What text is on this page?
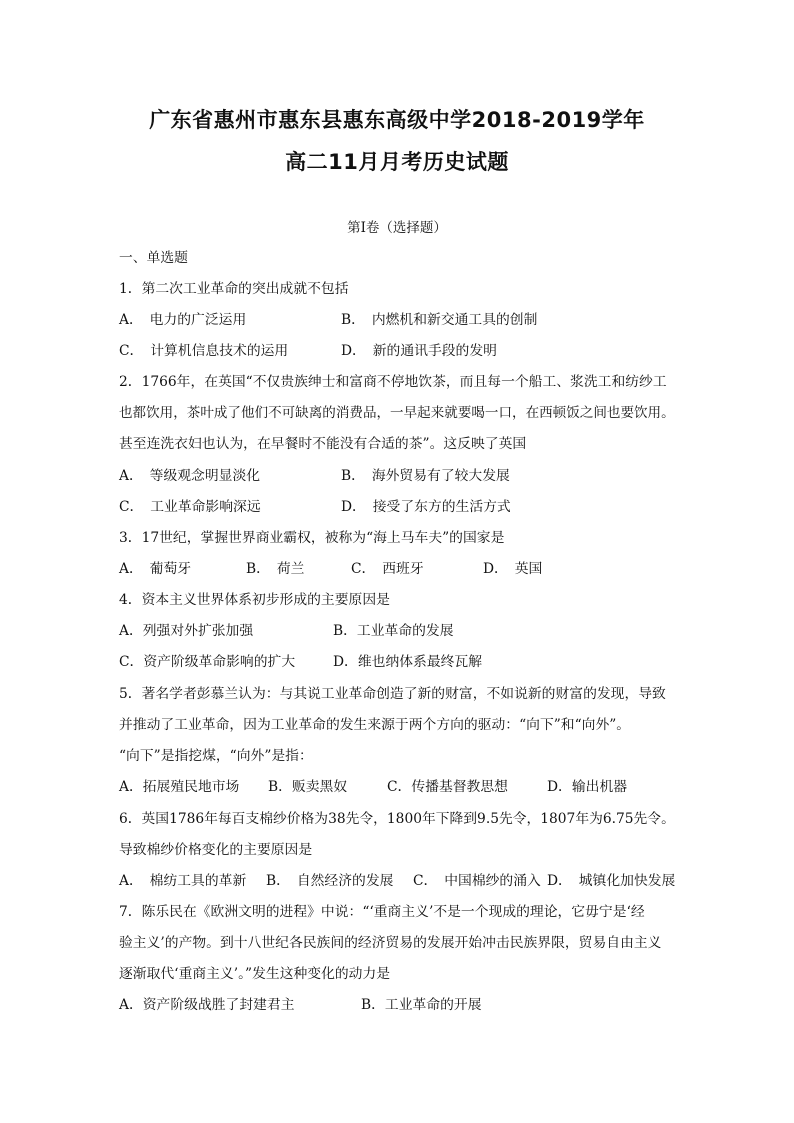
广东省惠州市惠东县惠东高级中学2018-2019学年
高二11月月考历史试题
第I卷（选择题）
一、单选题
1．第二次工业革命的突出成就不包括
A．　电力的广泛运用	B．　内燃机和新交通工具的创制
C．　计算机信息技术的运用	D．　新的通讯手段的发明
2．1766年，在英国“不仅贵族绅士和富商不停地饮茶，而且每一个船工、浆洗工和纺纱工
也都饮用，茶叶成了他们不可缺离的消费品，一早起来就要喝一口，在西顿饭之间也要饮用。
甚至连洗衣妇也认为，在早餐时不能没有合适的茶”。这反映了英国
A．　等级观念明显淡化	B．　海外贸易有了较大发展
C．　工业革命影响深远	D．　接受了东方的生活方式
3．17世纪，掌握世界商业霸权，被称为“海上马车夫”的国家是
A．　葡萄牙	B．　荷兰	C．　西班牙	D．　英国
4．资本主义世界体系初步形成的主要原因是
A．列强对外扩张加强	B．工业革命的发展
C．资产阶级革命影响的扩大	D．维也纳体系最终瓦解
5．著名学者彭慕兰认为：与其说工业革命创造了新的财富，不如说新的财富的发现，导致
并推动了工业革命，因为工业革命的发生来源于两个方向的驱动：“向下”和“向外”。
“向下”是指挖煤，“向外”是指：
A．拓展殖民地市场 B．贩卖黑奴	C．传播基督教思想	D．输出机器
6．英国1786年每百支棉纱价格为38先令，1800年下降到9.5先令，1807年为6.75先令。
导致棉纱价格变化的主要原因是
A．　棉纺工具的革新 B．　自然经济的发展 C．　中国棉纱的涌入 D．　城镇化加快发展
7．陈乐民在《欧洲文明的进程》中说：“‘重商主义’不是一个现成的理论，它毋宁是‘经
验主义’的产物。到十八世纪各民族间的经济贸易的发展开始冲击民族界限，贸易自由主义
逐渐取代‘重商主义’。”发生这种变化的动力是
A．资产阶级战胜了封建君主	B．工业革命的开展
